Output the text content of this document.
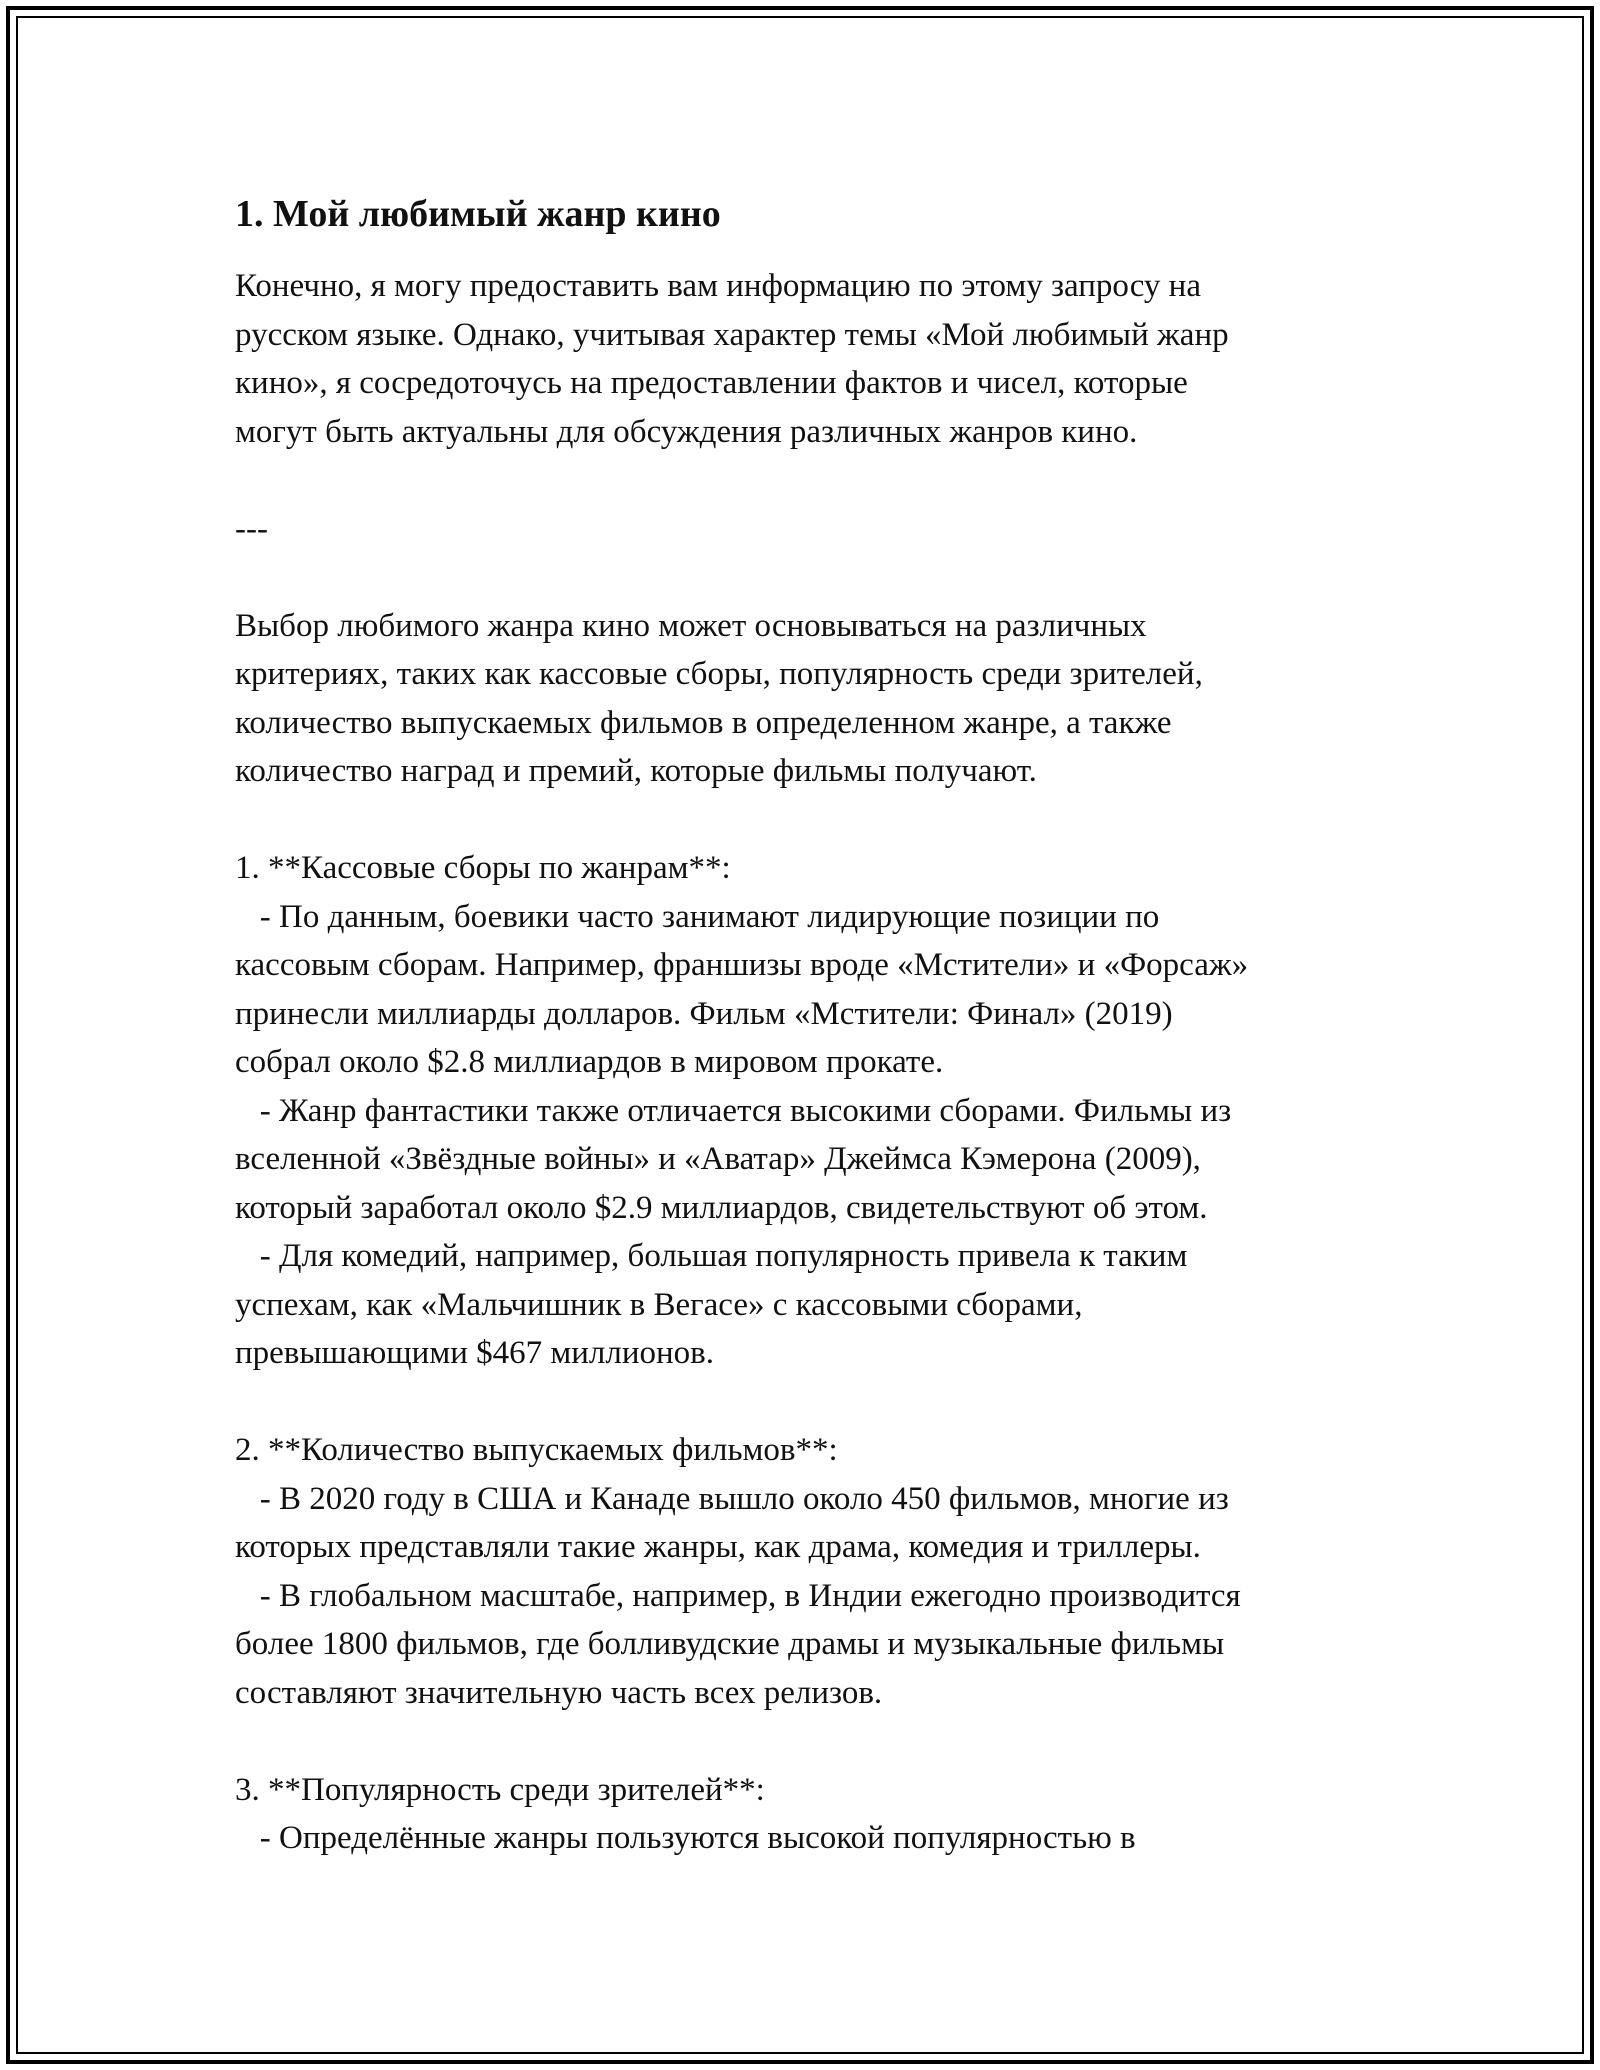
1. Мой любимый жанр кино

Конечно, я могу предоставить вам информацию по этому запросу на

русском языке. Однако, учитывая характер темы «Мой любимый жанр

кино», я сосредоточусь на предоставлении фактов и чисел, которые

могут быть актуальны для обсуждения различных жанров кино.

---

Выбор любимого жанра кино может основываться на различных

критериях, таких как кассовые сборы, популярность среди зрителей,

количество выпускаемых фильмов в определенном жанре, а также

количество наград и премий, которые фильмы получают.

1. **Кассовые сборы по жанрам**:

- По данным, боевики часто занимают лидирующие позиции по

кассовым сборам. Например, франшизы вроде «Мстители» и «Форсаж»

принесли миллиарды долларов. Фильм «Мстители: Финал» (2019)

собрал около $2.8 миллиардов в мировом прокате.

- Жанр фантастики также отличается высокими сборами. Фильмы из

вселенной «Звёздные войны» и «Аватар» Джеймса Кэмерона (2009),

который заработал около $2.9 миллиардов, свидетельствуют об этом.

- Для комедий, например, большая популярность привела к таким

успехам, как «Мальчишник в Вегасе» с кассовыми сборами,

превышающими $467 миллионов.

2. **Количество выпускаемых фильмов**:

- В 2020 году в США и Канаде вышло около 450 фильмов, многие из

которых представляли такие жанры, как драма, комедия и триллеры.

- В глобальном масштабе, например, в Индии ежегодно производится

более 1800 фильмов, где болливудские драмы и музыкальные фильмы

составляют значительную часть всех релизов.

3. **Популярность среди зрителей**:

- Определённые жанры пользуются высокой популярностью в
